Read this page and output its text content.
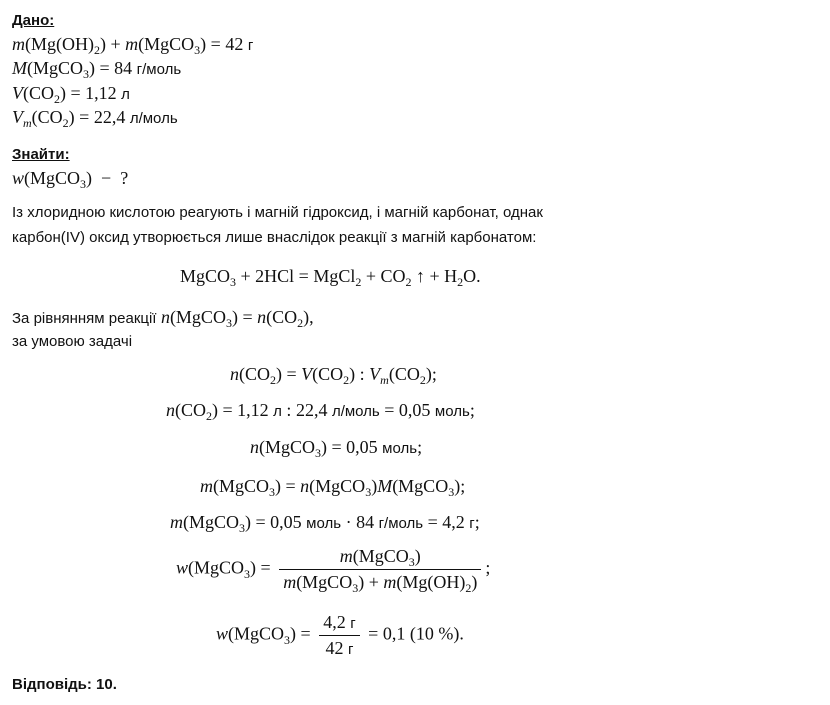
Дано:
$m(Mg(OH)_2)$ + m(MgCO$_3$) = 42 г
M(MgCO$_3$) = 84 г/моль
$V(CO_2) = 1,12$ л
$V_m(CO_2) = 22,4$ л/моль
Знайти:
w(MgCO$_3$)  −  ?
Із хлоридною кислотою реагують і магній гідроксид, і магній карбонат, однак
карбон(IV) оксид утворюється лише внаслідок реакції з магній карбонатом:
MgCO$_3$ + 2HCl = MgCl$_2$ + $CO_2$ ↑ + $H_2O$.
За рівнянням реакції n(MgCO$_3$) = $n(CO_2)$,
за умовою задачі
$n(CO_2) = V(CO_2)$ : $V_m(CO_2)$;
$n(CO_2) = 1,12$ л : 22,4 л/моль = 0,05 моль;
n(MgCO$_3$) = 0,05 моль;
m(MgCO$_3$) = n(MgCO$_3$)M(MgCO$_3$);
m(MgCO$_3$) = 0,05 моль · 84 г/моль = 4,2 г;
w(MgCO$_3$) = $\frac{m(MgCO_3)}{m(MgCO_3) + m(Mg(OH)_2)}$ ;
w(MgCO$_3$) = $\frac{4,2 г}{42 г} = 0,1$ (10 %).
Відповідь: 10.
